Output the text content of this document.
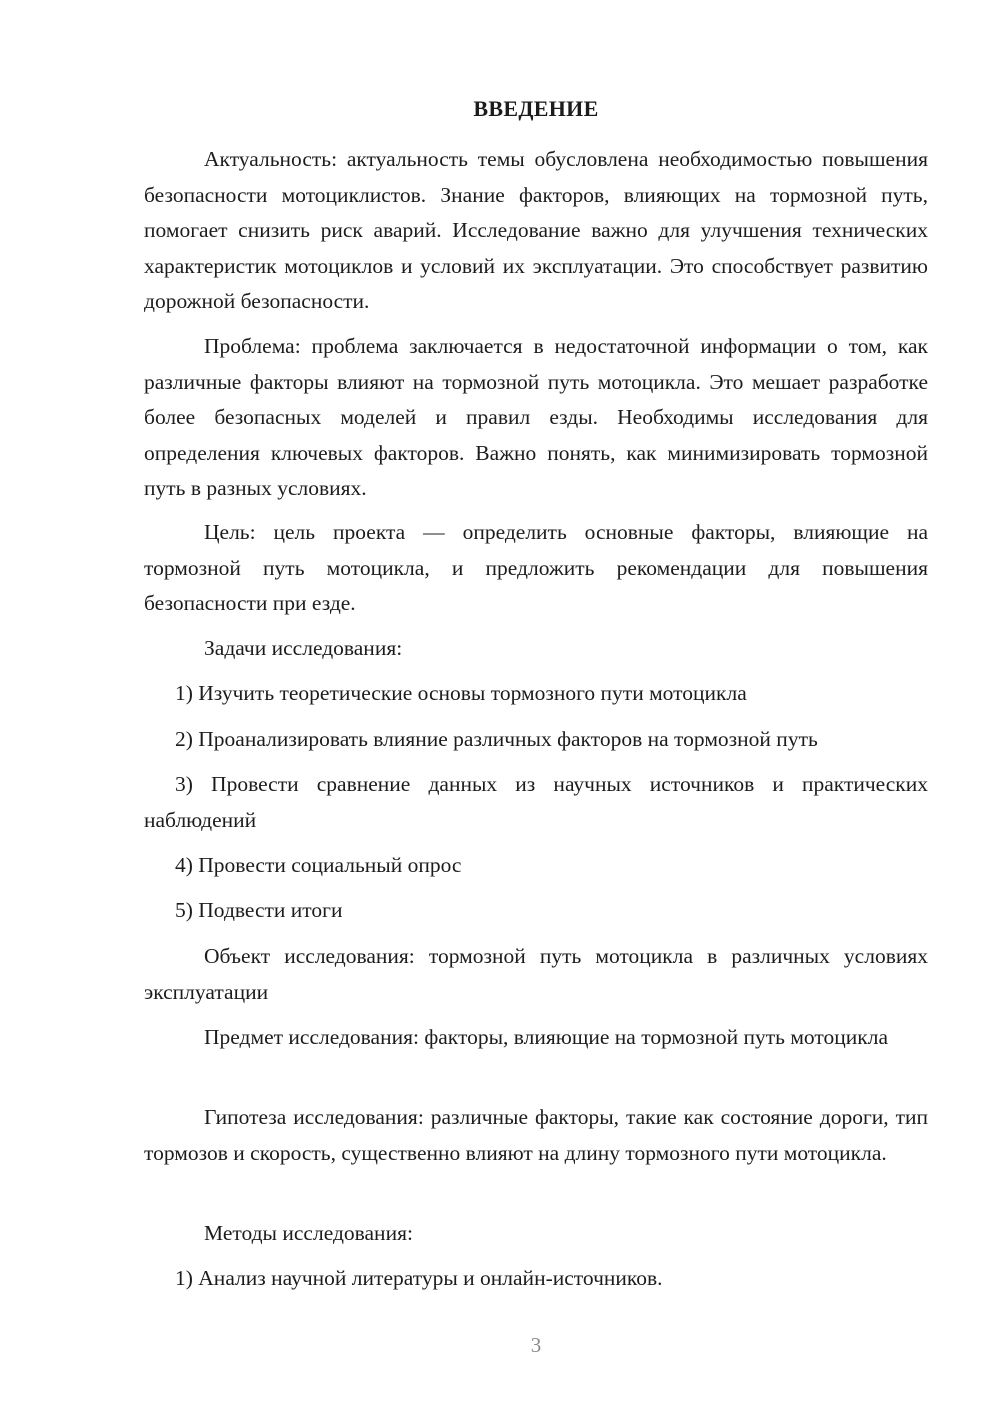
ВВЕДЕНИЕ

Актуальность: актуальность темы обусловлена необходимостью повышения безопасности мотоциклистов. Знание факторов, влияющих на тормозной путь, помогает снизить риск аварий. Исследование важно для улучшения технических характеристик мотоциклов и условий их эксплуатации. Это способствует развитию дорожной безопасности.

Проблема: проблема заключается в недостаточной информации о том, как различные факторы влияют на тормозной путь мотоцикла. Это мешает разработке более безопасных моделей и правил езды. Необходимы исследования для определения ключевых факторов. Важно понять, как минимизировать тормозной путь в разных условиях.

Цель: цель проекта — определить основные факторы, влияющие на тормозной путь мотоцикла, и предложить рекомендации для повышения безопасности при езде.

Задачи исследования:

1) Изучить теоретические основы тормозного пути мотоцикла

2) Проанализировать влияние различных факторов на тормозной путь

3) Провести сравнение данных из научных источников и практических наблюдений

4) Провести социальный опрос

5) Подвести итоги

Объект исследования: тормозной путь мотоцикла в различных условиях эксплуатации

Предмет исследования: факторы, влияющие на тормозной путь мотоцикла

Гипотеза исследования: различные факторы, такие как состояние дороги, тип тормозов и скорость, существенно влияют на длину тормозного пути мотоцикла.

Методы исследования:

1) Анализ научной литературы и онлайн-источников.

3
